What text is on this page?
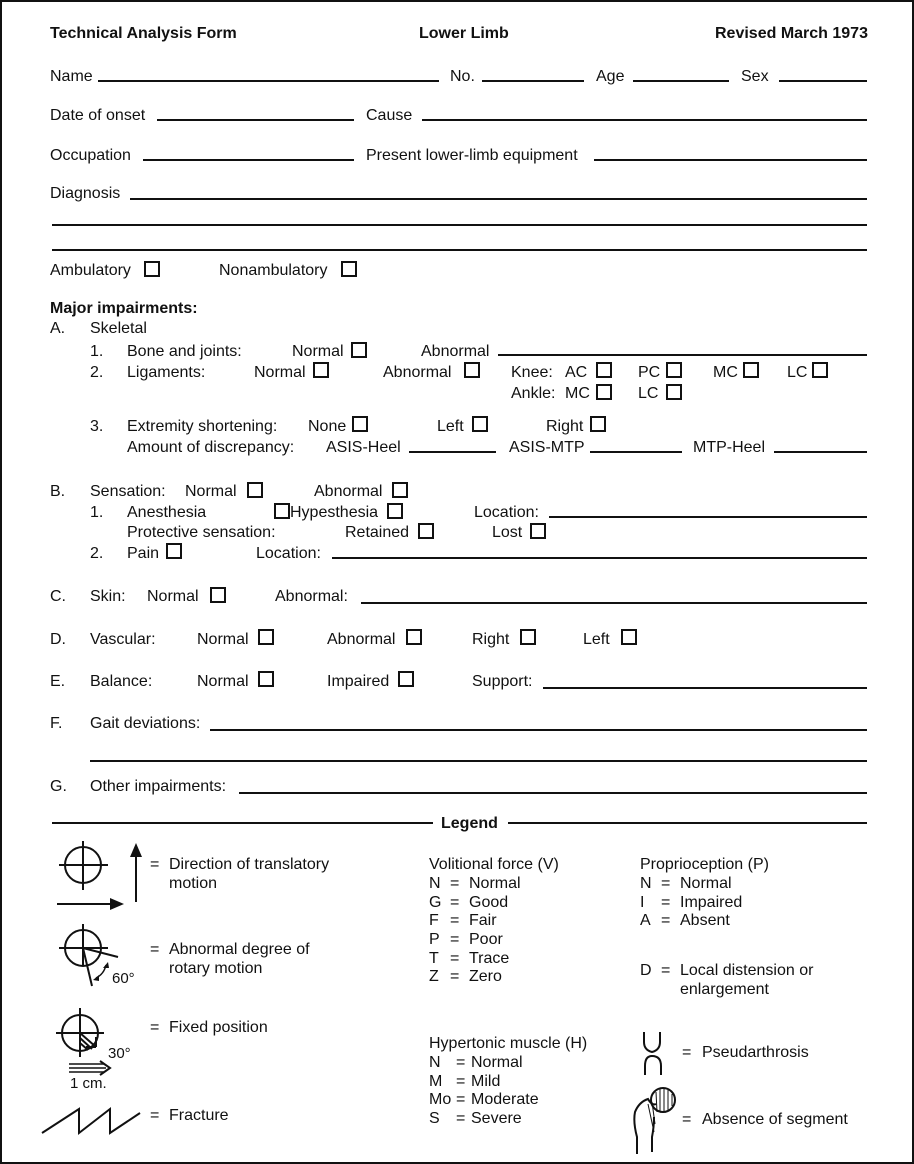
Technical Analysis Form	Lower Limb	Revised March 1973
Name	No.	Age	Sex
Date of onset	Cause
Occupation	Present lower-limb equipment
Diagnosis
Ambulatory	Nonambulatory
Major impairments:
A. Skeletal
1. Bone and joints:	Normal	Abnormal
2. Ligaments:	Normal	Abnormal	Knee: AC	PC	MC	LC
Ankle: MC	LC
3. Extremity shortening: None	Left	Right
Amount of discrepancy: ASIS-Heel	ASIS-MTP	MTP-Heel
B. Sensation: Normal	Abnormal
1. Anesthesia	Hypesthesia	Location:
Protective sensation:	Retained	Lost
2. Pain	Location:
C. Skin: Normal	Abnormal:
D. Vascular:	Normal	Abnormal	Right	Left
E. Balance:	Normal	Impaired	Support:
F. Gait deviations:
G. Other impairments:
Legend
= Direction of translatory
motion
60°
= Abnormal degree of
rotary motion
30°
1 cm.
= Fixed position
= Fracture
Volitional force (V)
N = Normal
G = Good
F = Fair
P = Poor
T = Trace
Z = Zero
Hypertonic muscle (H)
N = Normal
M = Mild
Mo = Moderate
S = Severe
Proprioception (P)
N = Normal
I = Impaired
A = Absent
D = Local distension or
enlargement
= Pseudarthrosis
= Absence of segment
